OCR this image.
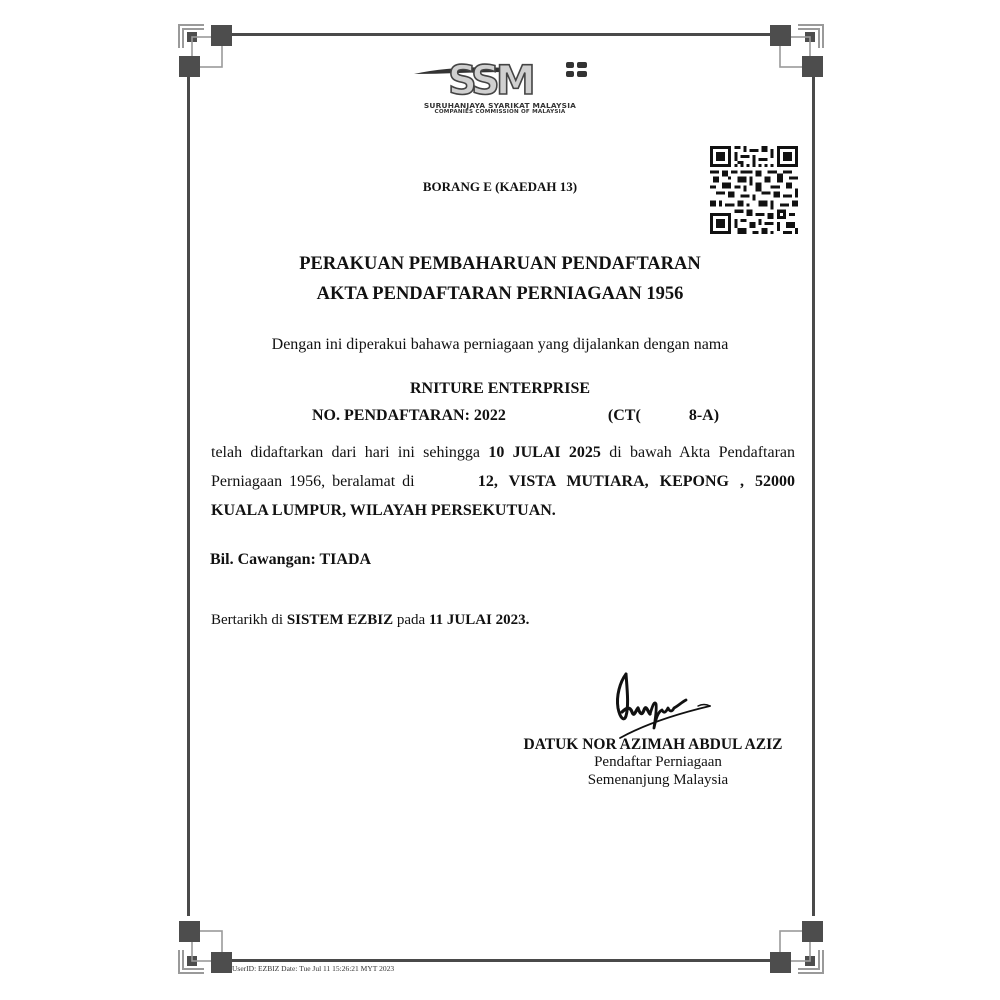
SSM
SURUHANJAYA SYARIKAT MALAYSIA
COMPANIES COMMISSION OF MALAYSIA
BORANG E (KAEDAH 13)
PERAKUAN PEMBAHARUAN PENDAFTARAN
AKTA PENDAFTARAN PERNIAGAAN 1956
Dengan ini diperakui bahawa perniagaan yang dijalankan dengan nama
RNITURE ENTERPRISE
NO. PENDAFTARAN: 2022	(CT(	8-A)
telah didaftarkan dari hari ini sehingga 10 JULAI 2025 di bawah Akta Pendaftaran
Perniagaan 1956, beralamat di	12, VISTA MUTIARA, KEPONG , 52000
KUALA LUMPUR, WILAYAH PERSEKUTUAN.
Bil. Cawangan: TIADA
Bertarikh di SISTEM EZBIZ pada 11 JULAI 2023.
DATUK NOR AZIMAH ABDUL AZIZ
Pendaftar Perniagaan
Semenanjung Malaysia
UserID: EZBIZ Date: Tue Jul 11 15:26:21 MYT 2023
